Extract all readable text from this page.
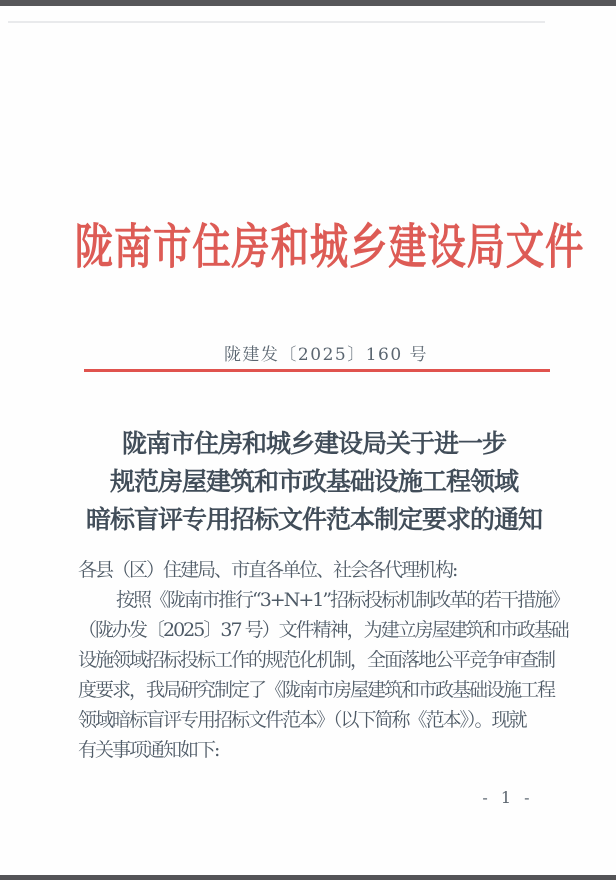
陇南市住房和城乡建设局文件
陇建发〔2025〕160 号
陇南市住房和城乡建设局关于进一步
规范房屋建筑和市政基础设施工程领域
暗标盲评专用招标文件范本制定要求的通知
各县（区）住建局、市直各单位、社会各代理机构:
按照《陇南市推行“3+N+1”招标投标机制改革的若干措施》
（陇办发〔2025〕37 号）文件精神，为建立房屋建筑和市政基础
设施领域招标投标工作的规范化机制，全面落地公平竞争审查制
度要求，我局研究制定了《陇南市房屋建筑和市政基础设施工程
领域暗标盲评专用招标文件范本》（以下简称《范本》）。现就
有关事项通知如下:
- 1 -
